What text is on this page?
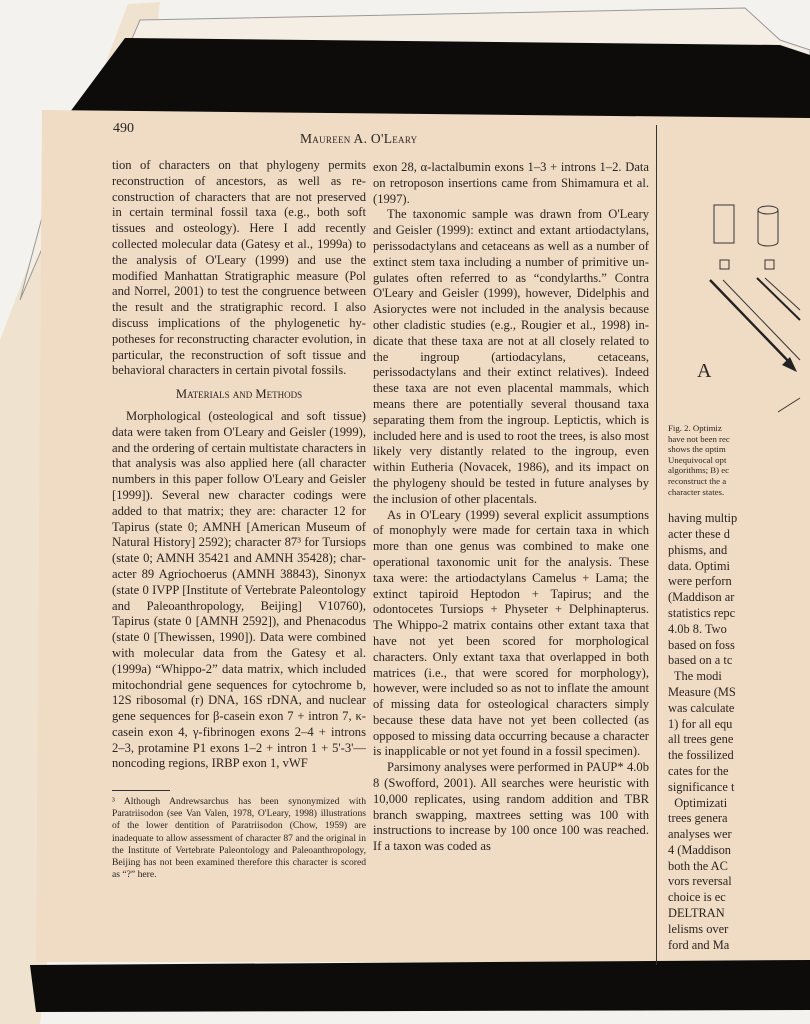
490
Maureen A. O'Leary

tion of characters on that phylogeny permits reconstruction of ancestors, as well as reconstruction of characters that are not preserved in certain terminal fossil taxa (e.g., both soft tissues and osteology). Here I add recently collected molecular data (Gatesy et al., 1999a) to the analysis of O'Leary (1999) and use the modified Manhattan Stratigraphic measure (Pol and Norrel, 2001) to test the congruence between the result and the stratigraphic record. I also discuss implications of the phylogenetic hypotheses for reconstructing character evolution, in particular, the reconstruction of soft tissue and behavioral characters in certain pivotal fossils.

Materials and Methods

Morphological (osteological and soft tissue) data were taken from O'Leary and Geisler (1999), and the ordering of certain multistate characters in that analysis was also applied here (all character numbers in this paper follow O'Leary and Geisler [1999]). Several new character codings were added to that matrix; they are: character 12 for Tapirus (state 0; AMNH [American Museum of Natural History] 2592); character 87³ for Tursiops (state 0; AMNH 35421 and AMNH 35428); character 89 Agriochoerus (AMNH 38843), Sinonyx (state 0 IVPP [Institute of Vertebrate Paleontology and Paleoanthropology, Beijing] V10760), Tapirus (state 0 [AMNH 2592]), and Phenacodus (state 0 [Thewissen, 1990]). Data were combined with molecular data from the Gatesy et al. (1999a) “Whippo-2” data matrix, which included mitochondrial gene sequences for cytochrome b, 12S ribosomal (r) DNA, 16S rDNA, and nuclear gene sequences for β-casein exon 7 + intron 7, κ-casein exon 4, γ-fibrinogen exons 2–4 + introns 2–3, protamine P1 exons 1–2 + intron 1 + 5'-3'—noncoding regions, IRBP exon 1, vWF

³ Although Andrewsarchus has been synonymized with Paratriisodon (see Van Valen, 1978, O'Leary, 1998) illustrations of the lower dentition of Paratriisodon (Chow, 1959) are inadequate to allow assessment of character 87 and the original in the Institute of Vertebrate Paleontology and Paleoanthropology, Beijing has not been examined therefore this character is scored as “?” here.

exon 28, α-lactalbumin exons 1–3 + introns 1–2. Data on retroposon insertions came from Shimamura et al. (1997).

The taxonomic sample was drawn from O'Leary and Geisler (1999): extinct and extant artiodactylans, perissodactylans and cetaceans as well as a number of extinct stem taxa including a number of primitive ungulates often referred to as “condylarths.” Contra O'Leary and Geisler (1999), however, Didelphis and Asioryctes were not included in the analysis because other cladistic studies (e.g., Rougier et al., 1998) indicate that these taxa are not at all closely related to the ingroup (artiodacylans, cetaceans, perissodactylans and their extinct relatives). Indeed these taxa are not even placental mammals, which means there are potentially several thousand taxa separating them from the ingroup. Leptictis, which is included here and is used to root the trees, is also most likely very distantly related to the ingroup, even within Eutheria (Novacek, 1986), and its impact on the phylogeny should be tested in future analyses by the inclusion of other placentals.

As in O'Leary (1999) several explicit assumptions of monophyly were made for certain taxa in which more than one genus was combined to make one operational taxonomic unit for the analysis. These taxa were: the artiodactylans Camelus + Lama; the extinct tapiroid Heptodon + Tapirus; and the odontocetes Tursiops + Physeter + Delphinapterus. The Whippo-2 matrix contains other extant taxa that have not yet been scored for morphological characters. Only extant taxa that overlapped in both matrices (i.e., that were scored for morphology), however, were included so as not to inflate the amount of missing data for osteological characters simply because these data have not yet been collected (as opposed to missing data occurring because a character is inapplicable or not yet found in a fossil specimen).

Parsimony analyses were performed in PAUP* 4.0b 8 (Swofford, 2001). All searches were heuristic with 10,000 replicates, using random addition and TBR branch swapping, maxtrees setting was 100 with instructions to increase by 100 once 100 was reached. If a taxon was coded as

A
Fig. 2. Optimiz
have not been rec
shows the optim
Unequivocal opt
algorithms; B) ec
reconstruct the a
character states.
having multip
acter these d
phisms, and
data. Optimi
were perforn
(Maddison ar
statistics repc
4.0b 8. Two
based on foss
based on a tc
The modi
Measure (MS
was calculate
1) for all equ
all trees gene
the fossilized
cates for the
significance t
Optimizati
trees genera
analyses wer
4 (Maddison
both the AC
vors reversal
choice is ec
DELTRAN
lelisms over
ford and Ma
